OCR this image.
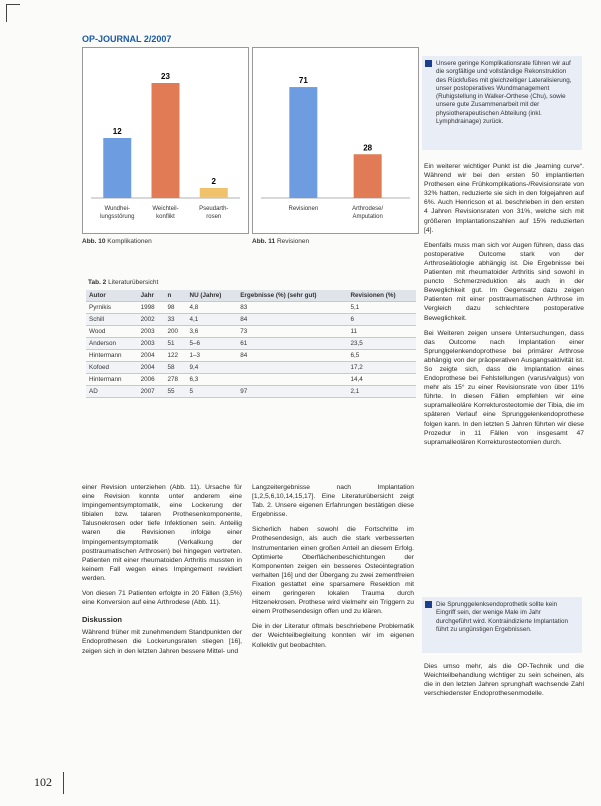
OP-JOURNAL 2/2007
12
Wundhei-
lungsstörung
23
Weichteil-
konflikt
2
Pseudarth-
rosen
Abb. 10 Komplikationen
71
Revisionen
28
Arthrodese/
Amputation
Abb. 11 Revisionen
Unsere geringe Komplikationsrate führen wir auf die sorgfältige und vollständige Rekonstruktion des Rückfußes mit gleichzeitiger Lateralisierung, unser postoperatives Wundmanagement (Ruhigstellung in Walker-Orthese (Chu), sowie unsere gute Zusammenarbeit mit der physiotherapeutischen Abteilung (inkl. Lymphdrainage) zurück.
Tab. 2 Literaturübersicht
Autor	Jahr	n	NU (Jahre)	Ergebnisse (%) (sehr gut)	Revisionen (%)
Pyrnikis	1998	98	4,8	83	5,1
Schill	2002	33	4,1	84	6
Wood	2003	200	3,6	73	11
Anderson	2003	51	5–6	61	23,5
Hintermann	2004	122	1–3	84	6,5
Kofoed	2004	58	9,4		17,2
Hintermann	2006	278	6,3		14,4
AD	2007	55	5	97	2,1

einer Revision unterziehen (Abb. 11). Ursache für eine Revision konnte unter anderem eine Impingementsymptomatik, eine Lockerung der tibialen bzw. talaren Prothesenkomponente, Talusnekrosen oder tiefe Infektionen sein. Anteilig waren die Revisionen infolge einer Impingementsymptomatik (Verkalkung der posttraumatischen Arthrosen) bei hingegen vertreten. Patienten mit einer rheumatoiden Arthritis mussten in keinem Fall wegen eines Impingement revidiert werden.

Von diesen 71 Patienten erfolgte in 20 Fällen (3,5%) eine Konversion auf eine Arthrodese (Abb. 11).

Diskussion

Während früher mit zunehmendem Standpunkten der Endoprothesen die Lockerungsraten stiegen [16], zeigen sich in den letzten Jahren bessere Mittel- und

Langzeitergebnisse nach Implantation [1,2,5,6,10,14,15,17]. Eine Literaturübersicht zeigt Tab. 2. Unsere eigenen Erfahrungen bestätigen diese Ergebnisse.

Sicherlich haben sowohl die Fortschritte im Prothesendesign, als auch die stark verbesserten Instrumentarien einen großen Anteil an diesem Erfolg. Optimierte Oberflächenbeschichtungen der Komponenten zeigen ein besseres Osteointegration verhalten [16] und der Übergang zu zwei zementfreien Fixation gestattet eine sparsamere Resektion mit einem geringeren lokalen Trauma durch Hitzenekrosen. Prothese wird vielmehr ein Triggern zu einem Prothesendesign offen und zu klären.

Die in der Literatur oftmals beschriebene Problematik der Weichteilbegleitung konnten wir im eigenen Kollektiv gut beobachten.

Ein weiterer wichtiger Punkt ist die „learning curve“. Während wir bei den ersten 50 implantierten Prothesen eine Frühkomplikations-/Revisionsrate von 32% hatten, reduzierte sie sich in den folgejahren auf 6%. Auch Henricson et al. beschrieben in den ersten 4 Jahren Revisionsraten von 31%, welche sich mit größeren Implantationszahlen auf 15% reduzierten [4].

Ebenfalls muss man sich vor Augen führen, dass das postoperative Outcome stark von der Arthroseätiologie abhängig ist. Die Ergebnisse bei Patienten mit rheumatoider Arthritis sind sowohl in puncto Schmerzreduktion als auch in der Beweglichkeit gut. Im Gegensatz dazu zeigen Patienten mit einer posttraumatischen Arthrose im Vergleich dazu schlechtere postoperative Beweglichkeit.

Bei Weiteren zeigen unsere Untersuchungen, dass das Outcome nach Implantation einer Sprunggelenkendoprothese bei primärer Arthrose abhängig von der präoperativen Ausgangsaktivität ist. So zeigte sich, dass die Implantation eines Endoprothese bei Fehlstellungen (varus/valgus) von mehr als 15° zu einer Revisionsrate von über 11% führte. In diesen Fällen empfehlen wir eine supramalleoläre Korrekturosteotomie der Tibia, die im späteren Verlauf eine Sprunggelenkendoprothese folgen kann. In den letzten 5 Jahren führten wir diese Prozedur in 11 Fällen von insgesamt 47 supramalleolären Korrekturosteotomien durch.

Die Sprunggelenksendoprothetik sollte kein Eingriff sein, der wenige Male im Jahr durchgeführt wird. Kontraindizierte Implantation führt zu ungünstigen Ergebnissen.

Dies umso mehr, als die OP-Technik und die Weichteilbehandlung wichtiger zu sein scheinen, als die in den letzten Jahren sprunghaft wachsende Zahl verschiedenster Endoprothesenmodelle.

102
